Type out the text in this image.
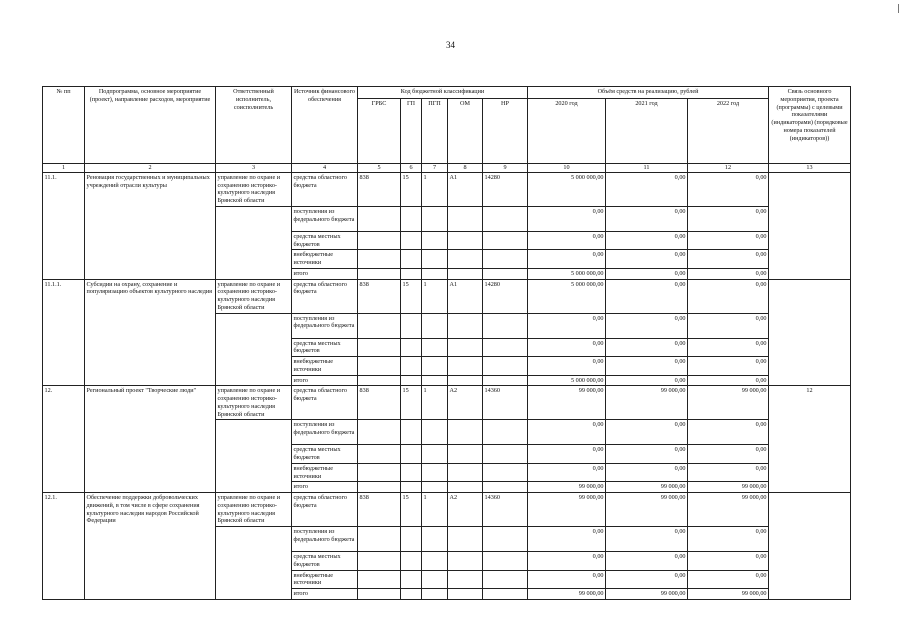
34
№ пп	Подпрограмма, основное мероприятие (проект), направление расходов, мероприятие	Ответственный исполнитель, соисполнитель	Источник финансового обеспечения	Код бюджетной классификации					Объём средств на реализацию, рублей			Связь основного мероприятия, проекта (программы) с целевыми показателями (индикаторами) (порядковые номера показателей (индикаторов))
				ГРБС	ГП	ПГП	ОМ	НР	2020 год	2021 год	2022 год	
1	2	3	4	5	6	7	8	9	10	11	12	13
11.1.	Реновация государственных и муниципальных учреждений отрасли культуры	управление по охране и сохранению историко-культурного наследия Брянской области	средства областного бюджета	838	15	1	А1	14280	5 000 000,00	0,00	0,00	
			поступления из федерального бюджета						0,00	0,00	0,00	
			средства местных бюджетов						0,00	0,00	0,00	
			внебюджетные источники						0,00	0,00	0,00	
			итого						5 000 000,00	0,00	0,00	
11.1.1.	Субсидии на охрану, сохранение и популяризацию объектов культурного наследия	управление по охране и сохранению историко-культурного наследия Брянской области	средства областного бюджета	838	15	1	А1	14280	5 000 000,00	0,00	0,00	
			поступления из федерального бюджета						0,00	0,00	0,00	
			средства местных бюджетов						0,00	0,00	0,00	
			внебюджетные источники						0,00	0,00	0,00	
			итого						5 000 000,00	0,00	0,00	
12.	Региональный проект "Творческие люди"	управление по охране и сохранению историко-культурного наследия Брянской области	средства областного бюджета	838	15	1	А2	14360	99 000,00	99 000,00	99 000,00	12
			поступления из федерального бюджета						0,00	0,00	0,00	
			средства местных бюджетов						0,00	0,00	0,00	
			внебюджетные источники						0,00	0,00	0,00	
			итого						99 000,00	99 000,00	99 000,00	
12.1.	Обеспечение поддержки добровольческих движений, в том числе в сфере сохранения культурного наследия народов Российской Федерации	управление по охране и сохранению историко-культурного наследия Брянской области	средства областного бюджета	838	15	1	А2	14360	99 000,00	99 000,00	99 000,00	
			поступления из федерального бюджета						0,00	0,00	0,00	
			средства местных бюджетов						0,00	0,00	0,00	
			внебюджетные источники						0,00	0,00	0,00	
			итого						99 000,00	99 000,00	99 000,00	
